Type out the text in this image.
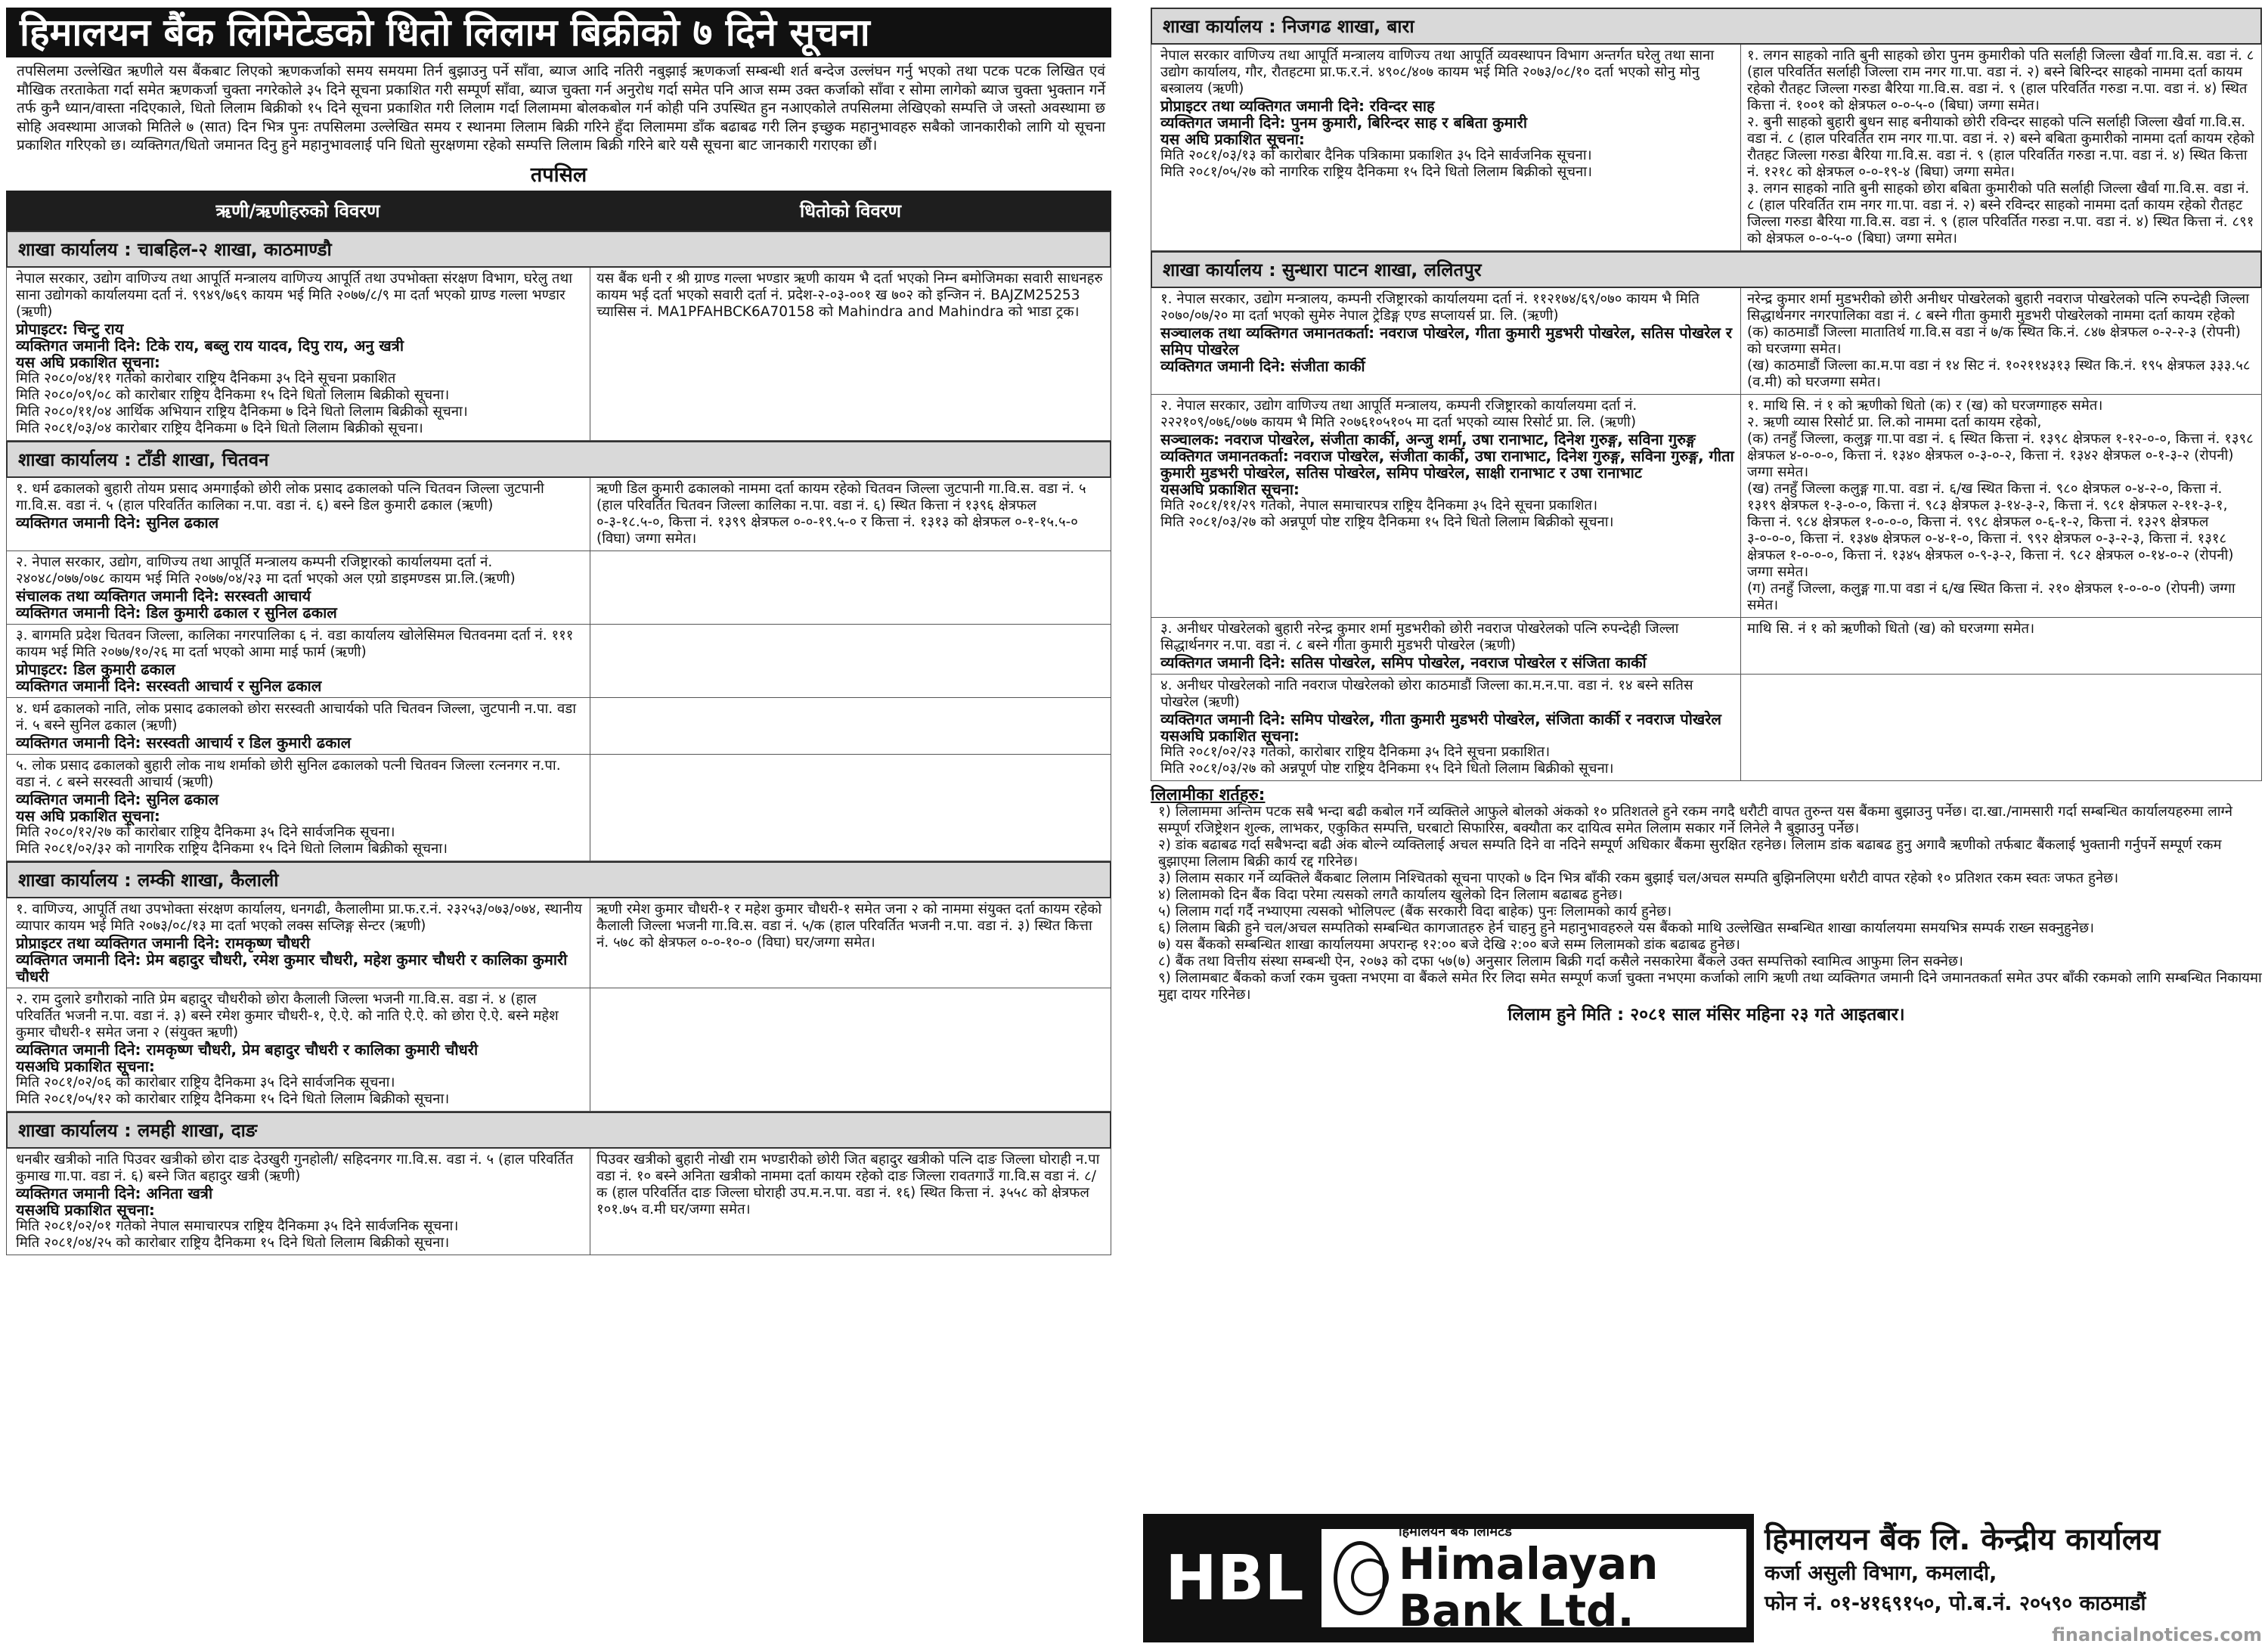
हिमालयन बैंक लिमिटेडको धितो लिलाम बिक्रीको ७ दिने सूचना
तपसिलमा उल्लेखित ऋणीले यस बैंकबाट लिएको ऋणकर्जाको समय समयमा तिर्न बुझाउनु पर्ने साँवा, ब्याज आदि नतिरी नबुझाई ऋणकर्जा सम्बन्धी शर्त बन्देज उल्लंघन गर्नु भएको तथा पटक पटक लिखित एवं मौखिक तरताकेता गर्दा समेत ऋणकर्जा चुक्ता नगरेकोले ३५ दिने सूचना प्रकाशित गरी सम्पूर्ण साँवा, ब्याज चुक्ता गर्न अनुरोध गर्दा समेत पनि आज सम्म उक्त कर्जाको साँवा र सोमा लागेको ब्याज चुक्ता भुक्तान गर्ने तर्फ कुनै ध्यान/वास्ता नदिएकाले, धितो लिलाम बिक्रीको १५ दिने सूचना प्रकाशित गरी लिलाम गर्दा लिलाममा बोलकबोल गर्न कोही पनि उपस्थित हुन नआएकोले तपसिलमा लेखिएको सम्पत्ति जे जस्तो अवस्थामा छ सोहि अवस्थामा आजको मितिले ७ (सात) दिन भित्र पुनः तपसिलमा उल्लेखित समय र स्थानमा लिलाम बिक्री गरिने हुँदा लिलाममा डाँक बढाबढ गरी लिन इच्छुक महानुभावहरु सबैको जानकारीको लागि यो सूचना प्रकाशित गरिएको छ। व्यक्तिगत/धितो जमानत दिनु हुने महानुभावलाई पनि धितो सुरक्षणमा रहेको सम्पत्ति लिलाम बिक्री गरिने बारे यसै सूचना बाट जानकारी गराएका छौं।
तपसिल
ऋणी/ऋणीहरुको विवरण	धितोको विवरण
शाखा कार्यालय : चाबहिल-२ शाखा, काठमाण्डौ
नेपाल सरकार, उद्योग वाणिज्य तथा आपूर्ति मन्त्रालय वाणिज्य आपूर्ति तथा उपभोक्ता संरक्षण विभाग, घरेलु तथा साना उद्योगको कार्यालयमा दर्ता नं. ९९४९/७६९ कायम भई मिति २०७७/८/९ मा दर्ता भएको ग्राण्ड गल्ला भण्डार (ऋणी)
प्रोपाइटर: चिन्टु राय
व्यक्तिगत जमानी दिने: टिके राय, बब्लु राय यादव, दिपु राय, अनु खत्री
यस अघि प्रकाशित सूचना:
मिति २०८०/०४/११ गतेको कारोबार राष्ट्रिय दैनिकमा ३५ दिने सूचना प्रकाशित
मिति २०८०/०९/०८ को कारोबार राष्ट्रिय दैनिकमा १५ दिने धितो लिलाम बिक्रीको सूचना।
मिति २०८०/११/०४ आर्थिक अभियान राष्ट्रिय दैनिकमा ७ दिने धितो लिलाम बिक्रीको सूचना।
मिति २०८१/०३/०४ कारोबार राष्ट्रिय दैनिकमा ७ दिने धितो लिलाम बिक्रीको सूचना।
यस बैंक धनी र श्री ग्राण्ड गल्ला भण्डार ऋणी कायम भै दर्ता भएको निम्न बमोजिमका सवारी साधनहरु कायम भई दर्ता भएको सवारी दर्ता नं. प्रदेश-२-०३-००१ ख ७०२ को इन्जिन नं. BAJZM25253 च्यासिस नं. MA1PFAHBCK6A70158 को Mahindra and Mahindra को भाडा ट्रक।
शाखा कार्यालय : टाँडी शाखा, चितवन
१. धर्म ढकालको बुहारी तोयम प्रसाद अमगाईंको छोरी लोक प्रसाद ढकालको पत्नि चितवन जिल्ला जुटपानी गा.वि.स. वडा नं. ५ (हाल परिवर्तित कालिका न.पा. वडा नं. ६) बस्ने डिल कुमारी ढकाल (ऋणी)
व्यक्तिगत जमानी दिने: सुनिल ढकाल
ऋणी डिल कुमारी ढकालको नाममा दर्ता कायम रहेको चितवन जिल्ला जुटपानी गा.वि.स. वडा नं. ५ (हाल परिवर्तित चितवन जिल्ला कालिका न.पा. वडा नं. ६) स्थित कित्ता नं १३९६ क्षेत्रफल ०-३-१८.५-०, कित्ता नं. १३९९ क्षेत्रफल ०-०-१९.५-० र कित्ता नं. १३१३ को क्षेत्रफल ०-१-१५.५-० (विघा) जग्गा समेत।
२. नेपाल सरकार, उद्योग, वाणिज्य तथा आपूर्ति मन्त्रालय कम्पनी रजिष्ट्रारको कार्यालयमा दर्ता नं. २४०४८/०७७/०७८ कायम भई मिति २०७७/०४/२३ मा दर्ता भएको अल एग्रो डाइमण्डस प्रा.लि.(ऋणी)
संचालक तथा व्यक्तिगत जमानी दिने: सरस्वती आचार्य
व्यक्तिगत जमानी दिने: डिल कुमारी ढकाल र सुनिल ढकाल
३. बागमति प्रदेश चितवन जिल्ला, कालिका नगरपालिका ६ नं. वडा कार्यालय खोलेसिमल चितवनमा दर्ता नं. १११ कायम भई मिति २०७७/१०/२६ मा दर्ता भएको आमा माई फार्म (ऋणी)
प्रोपाइटर: डिल कुमारी ढकाल
व्यक्तिगत जमानी दिने: सरस्वती आचार्य र सुनिल ढकाल
४. धर्म ढकालको नाति, लोक प्रसाद ढकालको छोरा सरस्वती आचार्यको पति चितवन जिल्ला, जुटपानी न.पा. वडा नं. ५ बस्ने सुनिल ढकाल (ऋणी)
व्यक्तिगत जमानी दिने: सरस्वती आचार्य र डिल कुमारी ढकाल
५. लोक प्रसाद ढकालको बुहारी लोक नाथ शर्माको छोरी सुनिल ढकालको पत्नी चितवन जिल्ला रत्ननगर न.पा. वडा नं. ८ बस्ने सरस्वती आचार्य (ऋणी)
व्यक्तिगत जमानी दिने: सुनिल ढकाल
यस अघि प्रकाशित सूचना:
मिति २०८०/१२/२७ को कारोबार राष्ट्रिय दैनिकमा ३५ दिने सार्वजनिक सूचना।
मिति २०८१/०२/३२ को नागरिक राष्ट्रिय दैनिकमा १५ दिने धितो लिलाम बिक्रीको सूचना।
शाखा कार्यालय : लम्की शाखा, कैलाली
१. वाणिज्य, आपूर्ति तथा उपभोक्ता संरक्षण कार्यालय, धनगढी, कैलालीमा प्रा.फ.र.नं. २३२५३/०७३/०७४, स्थानीय व्यापार कायम भई मिति २०७३/०८/१३ मा दर्ता भएको लक्स सप्लिङ्ग सेन्टर (ऋणी)
प्रोप्राइटर तथा व्यक्तिगत जमानी दिने: रामकृष्ण चौधरी
व्यक्तिगत जमानी दिने: प्रेम बहादुर चौधरी, रमेश कुमार चौधरी, महेश कुमार चौधरी र कालिका कुमारी चौधरी
ऋणी रमेश कुमार चौधरी-१ र महेश कुमार चौधरी-१ समेत जना २ को नाममा संयुक्त दर्ता कायम रहेको कैलाली जिल्ला भजनी गा.वि.स. वडा नं. ५/क (हाल परिवर्तित भजनी न.पा. वडा नं. ३) स्थित कित्ता नं. ५७८ को क्षेत्रफल ०-०-१०-० (विघा) घर/जग्गा समेत।
२. राम दुलारे डगौराको नाति प्रेम बहादुर चौधरीको छोरा कैलाली जिल्ला भजनी गा.वि.स. वडा नं. ४ (हाल परिवर्तित भजनी न.पा. वडा नं. ३) बस्ने रमेश कुमार चौधरी-१, ऐ.ऐ. को नाति ऐ.ऐ. को छोरा ऐ.ऐ. बस्ने महेश कुमार चौधरी-१ समेत जना २ (संयुक्त ऋणी)
व्यक्तिगत जमानी दिने: रामकृष्ण चौधरी, प्रेम बहादुर चौधरी र कालिका कुमारी चौधरी
यसअघि प्रकाशित सूचना:
मिति २०८१/०२/०६ को कारोबार राष्ट्रिय दैनिकमा ३५ दिने सार्वजनिक सूचना।
मिति २०८१/०५/१२ को कारोबार राष्ट्रिय दैनिकमा १५ दिने धितो लिलाम बिक्रीको सूचना।
शाखा कार्यालय : लमही शाखा, दाङ
धनबीर खत्रीको नाति पिउवर खत्रीको छोरा दाङ देउखुरी गुनहोली/ सहिदनगर गा.वि.स. वडा नं. ५ (हाल परिवर्तित कुमाख गा.पा. वडा नं. ६) बस्ने जित बहादुर खत्री (ऋणी)
व्यक्तिगत जमानी दिने: अनिता खत्री
यसअघि प्रकाशित सूचना:
मिति २०८१/०२/०१ गतेको नेपाल समाचारपत्र राष्ट्रिय दैनिकमा ३५ दिने सार्वजनिक सूचना।
मिति २०८१/०४/२५ को कारोबार राष्ट्रिय दैनिकमा १५ दिने धितो लिलाम बिक्रीको सूचना।
पिउवर खत्रीको बुहारी नोखी राम भण्डारीको छोरी जित बहादुर खत्रीको पत्नि दाङ जिल्ला घोराही न.पा वडा नं. १० बस्ने अनिता खत्रीको नाममा दर्ता कायम रहेको दाङ जिल्ला रावतगाउँ गा.वि.स वडा नं. ८/क (हाल परिवर्तित दाङ जिल्ला घोराही उप.म.न.पा. वडा नं. १६) स्थित कित्ता नं. ३५५८ को क्षेत्रफल १०१.७५ व.मी घर/जग्गा समेत।
शाखा कार्यालय : निजगढ शाखा, बारा
नेपाल सरकार वाणिज्य तथा आपूर्ति मन्त्रालय वाणिज्य तथा आपूर्ति व्यवस्थापन विभाग अन्तर्गत घरेलु तथा साना उद्योग कार्यालय, गौर, रौतहटमा प्रा.फ.र.नं. ४९०८/४०७ कायम भई मिति २०७३/०८/१० दर्ता भएको सोनु मोनु बस्त्रालय (ऋणी)
प्रोप्राइटर तथा व्यक्तिगत जमानी दिने: रविन्दर साह
व्यक्तिगत जमानी दिने: पुनम कुमारी, बिरिन्दर साह र बबिता कुमारी
यस अघि प्रकाशित सूचना:
मिति २०८१/०३/१३ को कारोबार दैनिक पत्रिकामा प्रकाशित ३५ दिने सार्वजनिक सूचना।
मिति २०८१/०५/२७ को नागरिक राष्ट्रिय दैनिकमा १५ दिने धितो लिलाम बिक्रीको सूचना।
१. लगन साहको नाति बुनी साहको छोरा पुनम कुमारीको पति सर्लाही जिल्ला खैर्वा गा.वि.स. वडा नं. ८ (हाल परिवर्तित सर्लाही जिल्ला राम नगर गा.पा. वडा नं. २) बस्ने बिरिन्दर साहको नाममा दर्ता कायम रहेको रौतहट जिल्ला गरुडा बैरिया गा.वि.स. वडा नं. ९ (हाल परिवर्तित गरुडा न.पा. वडा नं. ४) स्थित कित्ता नं. १००१ को क्षेत्रफल ०-०-५-० (बिघा) जग्गा समेत।
२. बुनी साहको बुहारी बुधन साह बनीयाको छोरी रविन्दर साहको पत्नि सर्लाही जिल्ला खैर्वा गा.वि.स. वडा नं. ८ (हाल परिवर्तित राम नगर गा.पा. वडा नं. २) बस्ने बबिता कुमारीको नाममा दर्ता कायम रहेको रौतहट जिल्ला गरुडा बैरिया गा.वि.स. वडा नं. ९ (हाल परिवर्तित गरुडा न.पा. वडा नं. ४) स्थित कित्ता नं. १२१८ को क्षेत्रफल ०-०-१९-४ (बिघा) जग्गा समेत।
३. लगन साहको नाति बुनी साहको छोरा बबिता कुमारीको पति सर्लाही जिल्ला खैर्वा गा.वि.स. वडा नं. ८ (हाल परिवर्तित राम नगर गा.पा. वडा नं. २) बस्ने रविन्दर साहको नाममा दर्ता कायम रहेको रौतहट जिल्ला गरुडा बैरिया गा.वि.स. वडा नं. ९ (हाल परिवर्तित गरुडा न.पा. वडा नं. ४) स्थित कित्ता नं. ८९१ को क्षेत्रफल ०-०-५-० (बिघा) जग्गा समेत।
शाखा कार्यालय : सुन्धारा पाटन शाखा, ललितपुर
१. नेपाल सरकार, उद्योग मन्त्रालय, कम्पनी रजिष्ट्रारको कार्यालयमा दर्ता नं. ११२१७४/६९/०७० कायम भै मिति २०७०/०७/२० मा दर्ता भएको सुमेरु नेपाल ट्रेडिङ्ग एण्ड सप्लायर्स प्रा. लि. (ऋणी)
सञ्चालक तथा व्यक्तिगत जमानतकर्ता: नवराज पोखरेल, गीता कुमारी मुडभरी पोखरेल, सतिस पोखरेल र समिप पोखरेल
व्यक्तिगत जमानी दिने: संजीता कार्की
नरेन्द्र कुमार शर्मा मुडभरीको छोरी अनीधर पोखरेलको बुहारी नवराज पोखरेलको पत्नि रुपन्देही जिल्ला सिद्धार्थनगर नगरपालिका वडा नं. ८ बस्ने गीता कुमारी मुडभरी पोखरेलको नाममा दर्ता कायम रहेको
(क) काठमाडौं जिल्ला मातातिर्थ गा.वि.स वडा नं ७/क स्थित कि.नं. ८४७ क्षेत्रफल ०-२-२-३ (रोपनी) को घरजग्गा समेत।
(ख) काठमाडौं जिल्ला का.म.पा वडा नं १४ सिट नं. १०२११४३१३ स्थित कि.नं. १९५ क्षेत्रफल ३३३.५८ (व.मी) को घरजग्गा समेत।
२. नेपाल सरकार, उद्योग वाणिज्य तथा आपूर्ति मन्त्रालय, कम्पनी रजिष्ट्रारको कार्यालयमा दर्ता नं. २२२१०९/०७६/०७७ कायम भै मिति २०७६१०५१०५ मा दर्ता भएको व्यास रिसोर्ट प्रा. लि. (ऋणी)
सञ्चालक: नवराज पोखरेल, संजीता कार्की, अन्जु शर्मा, उषा रानाभाट, दिनेश गुरुङ्ग, सविना गुरुङ्ग
व्यक्तिगत जमानतकर्ता: नवराज पोखरेल, संजीता कार्की, उषा रानाभाट, दिनेश गुरुङ्ग, सविना गुरुङ्ग, गीता कुमारी मुडभरी पोखरेल, सतिस पोखरेल, समिप पोखरेल, साक्षी रानाभाट र उषा रानाभाट
यसअघि प्रकाशित सूचना:
मिति २०८१/११/२९ गतेको, नेपाल समाचारपत्र राष्ट्रिय दैनिकमा ३५ दिने सूचना प्रकाशित।
मिति २०८१/०३/२७ को अन्नपूर्ण पोष्ट राष्ट्रिय दैनिकमा १५ दिने धितो लिलाम बिक्रीको सूचना।
१. माथि सि. नं १ को ऋणीको धितो (क) र (ख) को घरजग्गाहरु समेत।
२. ऋणी व्यास रिसोर्ट प्रा. लि.को नाममा दर्ता कायम रहेको,
(क) तनहुँ जिल्ला, कलुङ्ग गा.पा वडा नं. ६ स्थित कित्ता नं. १३९८ क्षेत्रफल १-१२-०-०, कित्ता नं. १३९८ क्षेत्रफल ४-०-०-०, कित्ता नं. १३४० क्षेत्रफल ०-३-०-२, कित्ता नं. १३४२ क्षेत्रफल ०-१-३-२ (रोपनी) जग्गा समेत।
(ख) तनहुँ जिल्ला कलुङ्ग गा.पा. वडा नं. ६/ख स्थित कित्ता नं. ९८० क्षेत्रफल ०-४-२-०, कित्ता नं. १३१९ क्षेत्रफल १-३-०-०, कित्ता नं. ९८३ क्षेत्रफल ३-१४-३-२, कित्ता नं. ९८१ क्षेत्रफल २-११-३-१, कित्ता नं. ९८४ क्षेत्रफल १-०-०-०, कित्ता नं. ९९८ क्षेत्रफल ०-६-१-२, कित्ता नं. १३२९ क्षेत्रफल ३-०-०-०, कित्ता नं. १३४७ क्षेत्रफल ०-४-१-०, कित्ता नं. ९९२ क्षेत्रफल ०-३-२-३, कित्ता नं. १३१८ क्षेत्रफल १-०-०-०, कित्ता नं. १३४५ क्षेत्रफल ०-९-३-२, कित्ता नं. ९८२ क्षेत्रफल ०-१४-०-२ (रोपनी) जग्गा समेत।
(ग) तनहुँ जिल्ला, कलुङ्ग गा.पा वडा नं ६/ख स्थित कित्ता नं. २१० क्षेत्रफल १-०-०-० (रोपनी) जग्गा समेत।
३. अनीधर पोखरेलको बुहारी नरेन्द्र कुमार शर्मा मुडभरीको छोरी नवराज पोखरेलको पत्नि रुपन्देही जिल्ला सिद्धार्थनगर न.पा. वडा नं. ८ बस्ने गीता कुमारी मुडभरी पोखरेल (ऋणी)
व्यक्तिगत जमानी दिने: सतिस पोखरेल, समिप पोखरेल, नवराज पोखरेल र संजिता कार्की
माथि सि. नं १ को ऋणीको धितो (ख) को घरजग्गा समेत।
४. अनीधर पोखरेलको नाति नवराज पोखरेलको छोरा काठमाडौं जिल्ला का.म.न.पा. वडा नं. १४ बस्ने सतिस पोखरेल (ऋणी)
व्यक्तिगत जमानी दिने: समिप पोखरेल, गीता कुमारी मुडभरी पोखरेल, संजिता कार्की र नवराज पोखरेल
यसअघि प्रकाशित सूचना:
मिति २०८१/०२/२३ गतेको, कारोबार राष्ट्रिय दैनिकमा ३५ दिने सूचना प्रकाशित।
मिति २०८१/०३/२७ को अन्नपूर्ण पोष्ट राष्ट्रिय दैनिकमा १५ दिने धितो लिलाम बिक्रीको सूचना।
लिलामीका शर्तहरु:
१) लिलाममा अन्तिम पटक सबै भन्दा बढी कबोल गर्ने व्यक्तिले आफुले बोलको अंकको १० प्रतिशतले हुने रकम नगदै धरौटी वापत तुरुन्त यस बैंकमा बुझाउनु पर्नेछ। दा.खा./नामसारी गर्दा सम्बन्धित कार्यालयहरुमा लाग्ने सम्पूर्ण रजिष्ट्रेशन शुल्क, लाभकर, एकुकित सम्पत्ति, घरबाटो सिफारिस, बक्यौता कर दायित्व समेत लिलाम सकार गर्ने लिनेले नै बुझाउनु पर्नेछ।
२) डांक बढाबढ गर्दा सबैभन्दा बढी अंक बोल्ने व्यक्तिलाई अचल सम्पति दिने वा नदिने सम्पूर्ण अधिकार बैंकमा सुरक्षित रहनेछ। लिलाम डांक बढाबढ हुनु अगावै ऋणीको तर्फबाट बैंकलाई भुक्तानी गर्नुपर्ने सम्पूर्ण रकम बुझाएमा लिलाम बिक्री कार्य रद्द गरिनेछ।
३) लिलाम सकार गर्ने व्यक्तिले बैंकबाट लिलाम निश्चितको सूचना पाएको ७ दिन भित्र बाँकी रकम बुझाई चल/अचल सम्पति बुझिनलिएमा धरौटी वापत रहेको १० प्रतिशत रकम स्वतः जफत हुनेछ।
४) लिलामको दिन बैंक विदा परेमा त्यसको लगतै कार्यालय खुलेको दिन लिलाम बढाबढ हुनेछ।
५) लिलाम गर्दा गर्दै नभ्याएमा त्यसको भोलिपल्ट (बैंक सरकारी विदा बाहेक) पुनः लिलामको कार्य हुनेछ।
६) लिलाम बिक्री हुने चल/अचल सम्पतिको सम्बन्धित कागजातहरु हेर्न चाहनु हुने महानुभावहरुले यस बैंकको माथि उल्लेखित सम्बन्धित शाखा कार्यालयमा समयभित्र सम्पर्क राख्न सक्नुहुनेछ।
७) यस बैंकको सम्बन्धित शाखा कार्यालयमा अपरान्ह १२:०० बजे देखि २:०० बजे सम्म लिलामको डांक बढाबढ हुनेछ।
८) बैंक तथा वित्तीय संस्था सम्बन्धी ऐन, २०७३ को दफा ५७(७) अनुसार लिलाम बिक्री गर्दा कसैले नसकारेमा बैंकले उक्त सम्पत्तिको स्वामित्व आफुमा लिन सक्नेछ।
९) लिलामबाट बैंकको कर्जा रकम चुक्ता नभएमा वा बैंकले समेत रिर लिदा समेत सम्पूर्ण कर्जा चुक्ता नभएमा कर्जाको लागि ऋणी तथा व्यक्तिगत जमानी दिने जमानतकर्ता समेत उपर बाँकी रकमको लागि सम्बन्धित निकायमा मुद्दा दायर गरिनेछ।
लिलाम हुने मिति : २०८१ साल मंसिर महिना २३ गते आइतबार।
HBL
हिमालयन बैंक लिमिटेड
Himalayan Bank Ltd.
हिमालयन बैंक लि. केन्द्रीय कार्यालय
कर्जा असुली विभाग, कमलादी,
फोन नं. ०१-४१६९१५०, पो.ब.नं. २०५९० काठमाडौं
financialnotices.com
